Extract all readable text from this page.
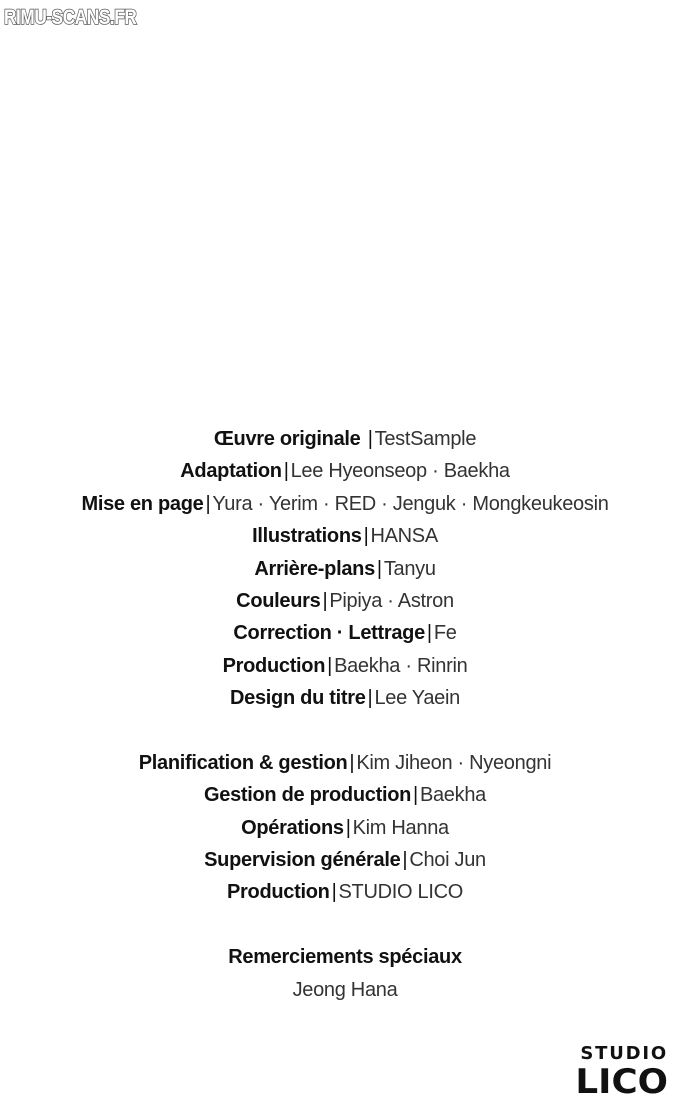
RIMU-SCANS.FR
Œuvre originale | TestSample
Adaptation | Lee Hyeonseop · Baekha
Mise en page | Yura · Yerim · RED · Jenguk · Mongkeukeosin
Illustrations | HANSA
Arrière-plans | Tanyu
Couleurs | Pipiya · Astron
Correction · Lettrage | Fe
Production | Baekha · Rinrin
Design du titre | Lee Yaein
Planification & gestion | Kim Jiheon · Nyeongni
Gestion de production | Baekha
Opérations | Kim Hanna
Supervision générale | Choi Jun
Production | STUDIO LICO
Remerciements spéciaux
Jeong Hana
STUDIO
LICO
